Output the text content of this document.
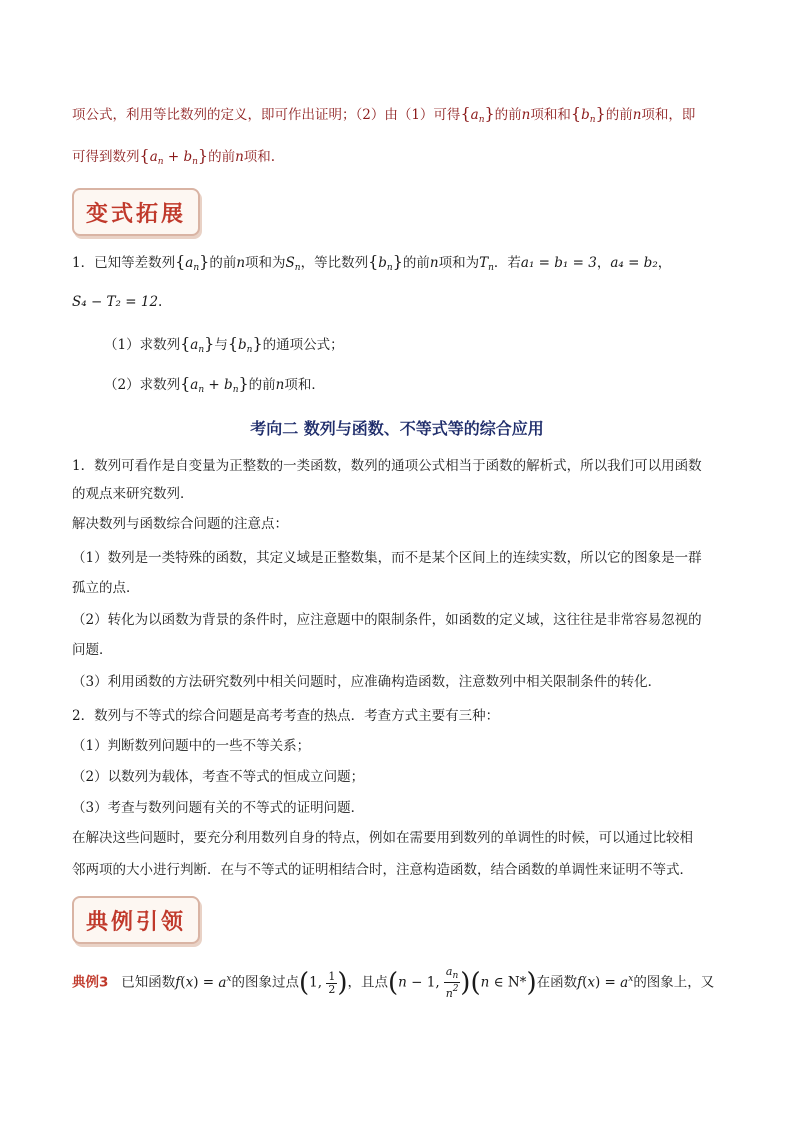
项公式，利用等比数列的定义，即可作出证明；（2）由（1）可得$\{a_n\}$的前n项和和$\{b_n\}$的前n项和，即
可得到数列$\{a_n + b_n\}$的前n项和.
变式拓展
1．已知等差数列$\{a_n\}$的前n项和为$S_n$，等比数列$\{b_n\}$的前n项和为$T_n$．若a₁ = b₁ = 3，a₄ = b₂，
S₄ − T₂ = 12.
（1）求数列$\{a_n\}$与$\{b_n\}$的通项公式；
（2）求数列$\{a_n + b_n\}$的前n项和．
考向二 数列与函数、不等式等的综合应用
1．数列可看作是自变量为正整数的一类函数，数列的通项公式相当于函数的解析式，所以我们可以用函数
的观点来研究数列．
解决数列与函数综合问题的注意点：
（1）数列是一类特殊的函数，其定义域是正整数集，而不是某个区间上的连续实数，所以它的图象是一群
孤立的点．
（2）转化为以函数为背景的条件时，应注意题中的限制条件，如函数的定义域，这往往是非常容易忽视的
问题．
（3）利用函数的方法研究数列中相关问题时，应准确构造函数，注意数列中相关限制条件的转化．
2．数列与不等式的综合问题是高考考查的热点．考查方式主要有三种：
（1）判断数列问题中的一些不等关系；
（2）以数列为载体，考查不等式的恒成立问题；
（3）考查与数列问题有关的不等式的证明问题．
在解决这些问题时，要充分利用数列自身的特点，例如在需要用到数列的单调性的时候，可以通过比较相
邻两项的大小进行判断．在与不等式的证明相结合时，注意构造函数，结合函数的单调性来证明不等式．
典例引领
典例3 已知函数$f(x) = a^x$的图象过点(1, $\frac{1}{2}$ )，且点(n − 1, $\frac{a_n}{n^2} )(n$ ∈ N*)在函数$f(x) = a^x$的图象上，又
